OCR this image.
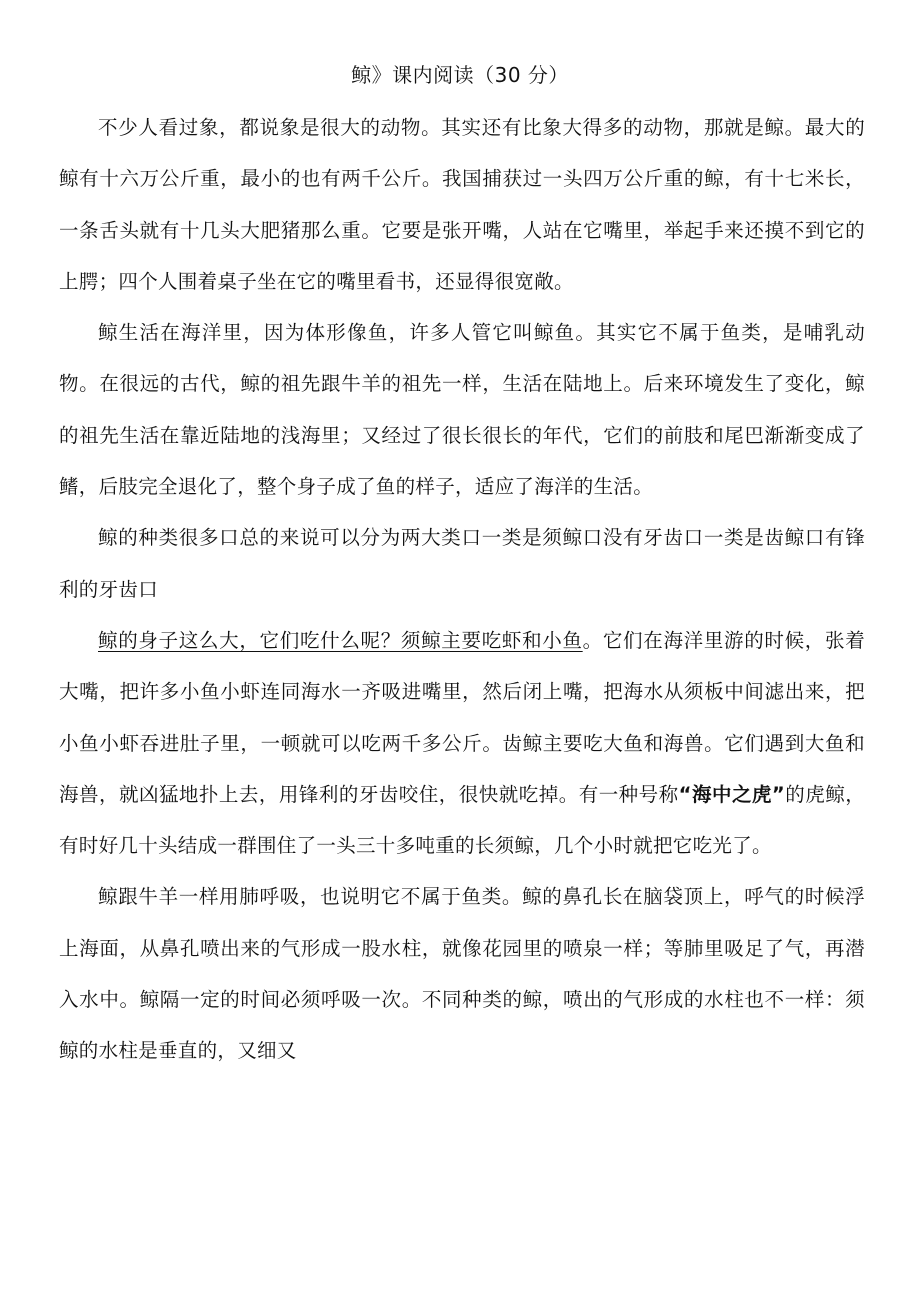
鲸》课内阅读（30 分）

不少人看过象，都说象是很大的动物。其实还有比象大得多的动物，那就是鲸。最大的鲸有十六万公斤重，最小的也有两千公斤。我国捕获过一头四万公斤重的鲸，有十七米长，一条舌头就有十几头大肥猪那么重。它要是张开嘴，人站在它嘴里，举起手来还摸不到它的上腭；四个人围着桌子坐在它的嘴里看书，还显得很宽敞。

鲸生活在海洋里，因为体形像鱼，许多人管它叫鲸鱼。其实它不属于鱼类，是哺乳动物。在很远的古代，鲸的祖先跟牛羊的祖先一样，生活在陆地上。后来环境发生了变化，鲸的祖先生活在靠近陆地的浅海里；又经过了很长很长的年代，它们的前肢和尾巴渐渐变成了鳍，后肢完全退化了，整个身子成了鱼的样子，适应了海洋的生活。

鲸的种类很多口总的来说可以分为两大类口一类是须鲸口没有牙齿口一类是齿鲸口有锋利的牙齿口

鲸的身子这么大，它们吃什么呢？须鲸主要吃虾和小鱼。它们在海洋里游的时候，张着大嘴，把许多小鱼小虾连同海水一齐吸进嘴里，然后闭上嘴，把海水从须板中间滤出来，把小鱼小虾吞进肚子里，一顿就可以吃两千多公斤。齿鲸主要吃大鱼和海兽。它们遇到大鱼和海兽，就凶猛地扑上去，用锋利的牙齿咬住，很快就吃掉。有一种号称“海中之虎”的虎鲸，有时好几十头结成一群围住了一头三十多吨重的长须鲸，几个小时就把它吃光了。

鲸跟牛羊一样用肺呼吸，也说明它不属于鱼类。鲸的鼻孔长在脑袋顶上，呼气的时候浮上海面，从鼻孔喷出来的气形成一股水柱，就像花园里的喷泉一样；等肺里吸足了气，再潜入水中。鲸隔一定的时间必须呼吸一次。不同种类的鲸，喷出的气形成的水柱也不一样：须鲸的水柱是垂直的，又细又
